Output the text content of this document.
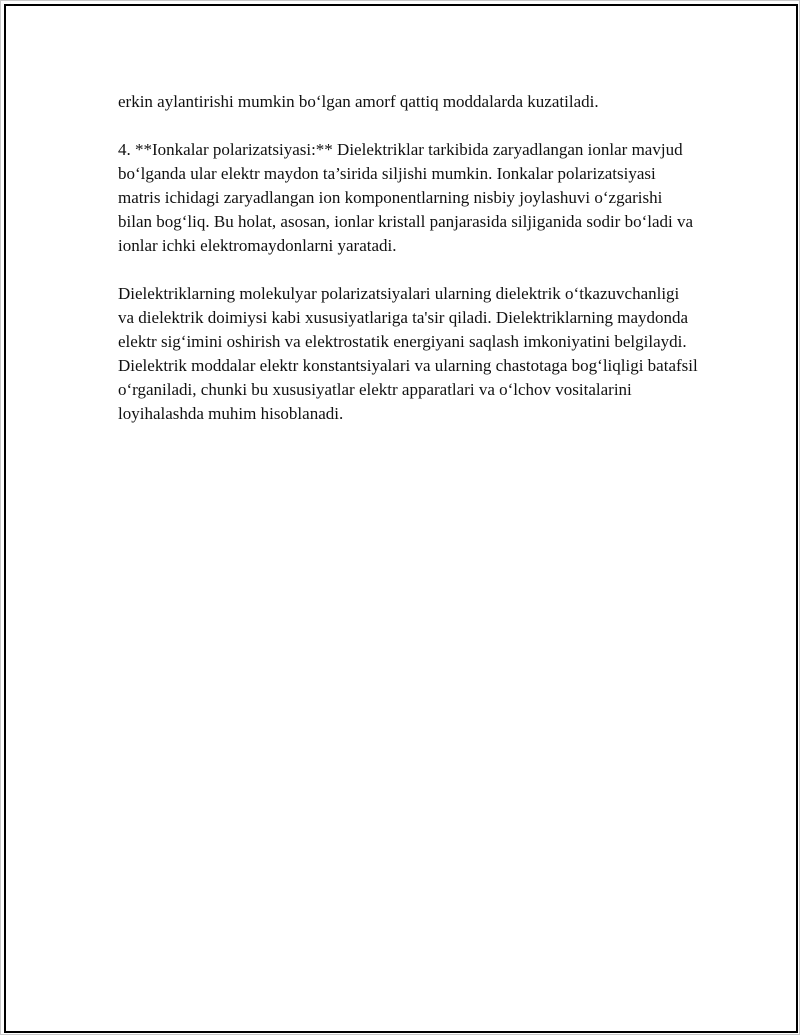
erkin aylantirishi mumkin bo‘lgan amorf qattiq moddalarda kuzatiladi.

4. **Ionkalar polarizatsiyasi:** Dielektriklar tarkibida zaryadlangan ionlar mavjud bo‘lganda ular elektr maydon ta’sirida siljishi mumkin. Ionkalar polarizatsiyasi matris ichidagi zaryadlangan ion komponentlarning nisbiy joylashuvi o‘zgarishi bilan bog‘liq. Bu holat, asosan, ionlar kristall panjarasida siljiganida sodir bo‘ladi va ionlar ichki elektromaydonlarni yaratadi.

Dielektriklarning molekulyar polarizatsiyalari ularning dielektrik o‘tkazuvchanligi va dielektrik doimiysi kabi xususiyatlariga ta'sir qiladi. Dielektriklarning maydonda elektr sig‘imini oshirish va elektrostatik energiyani saqlash imkoniyatini belgilaydi. Dielektrik moddalar elektr konstantsiyalari va ularning chastotaga bog‘liqligi batafsil o‘rganiladi, chunki bu xususiyatlar elektr apparatlari va o‘lchov vositalarini loyihalashda muhim hisoblanadi.
